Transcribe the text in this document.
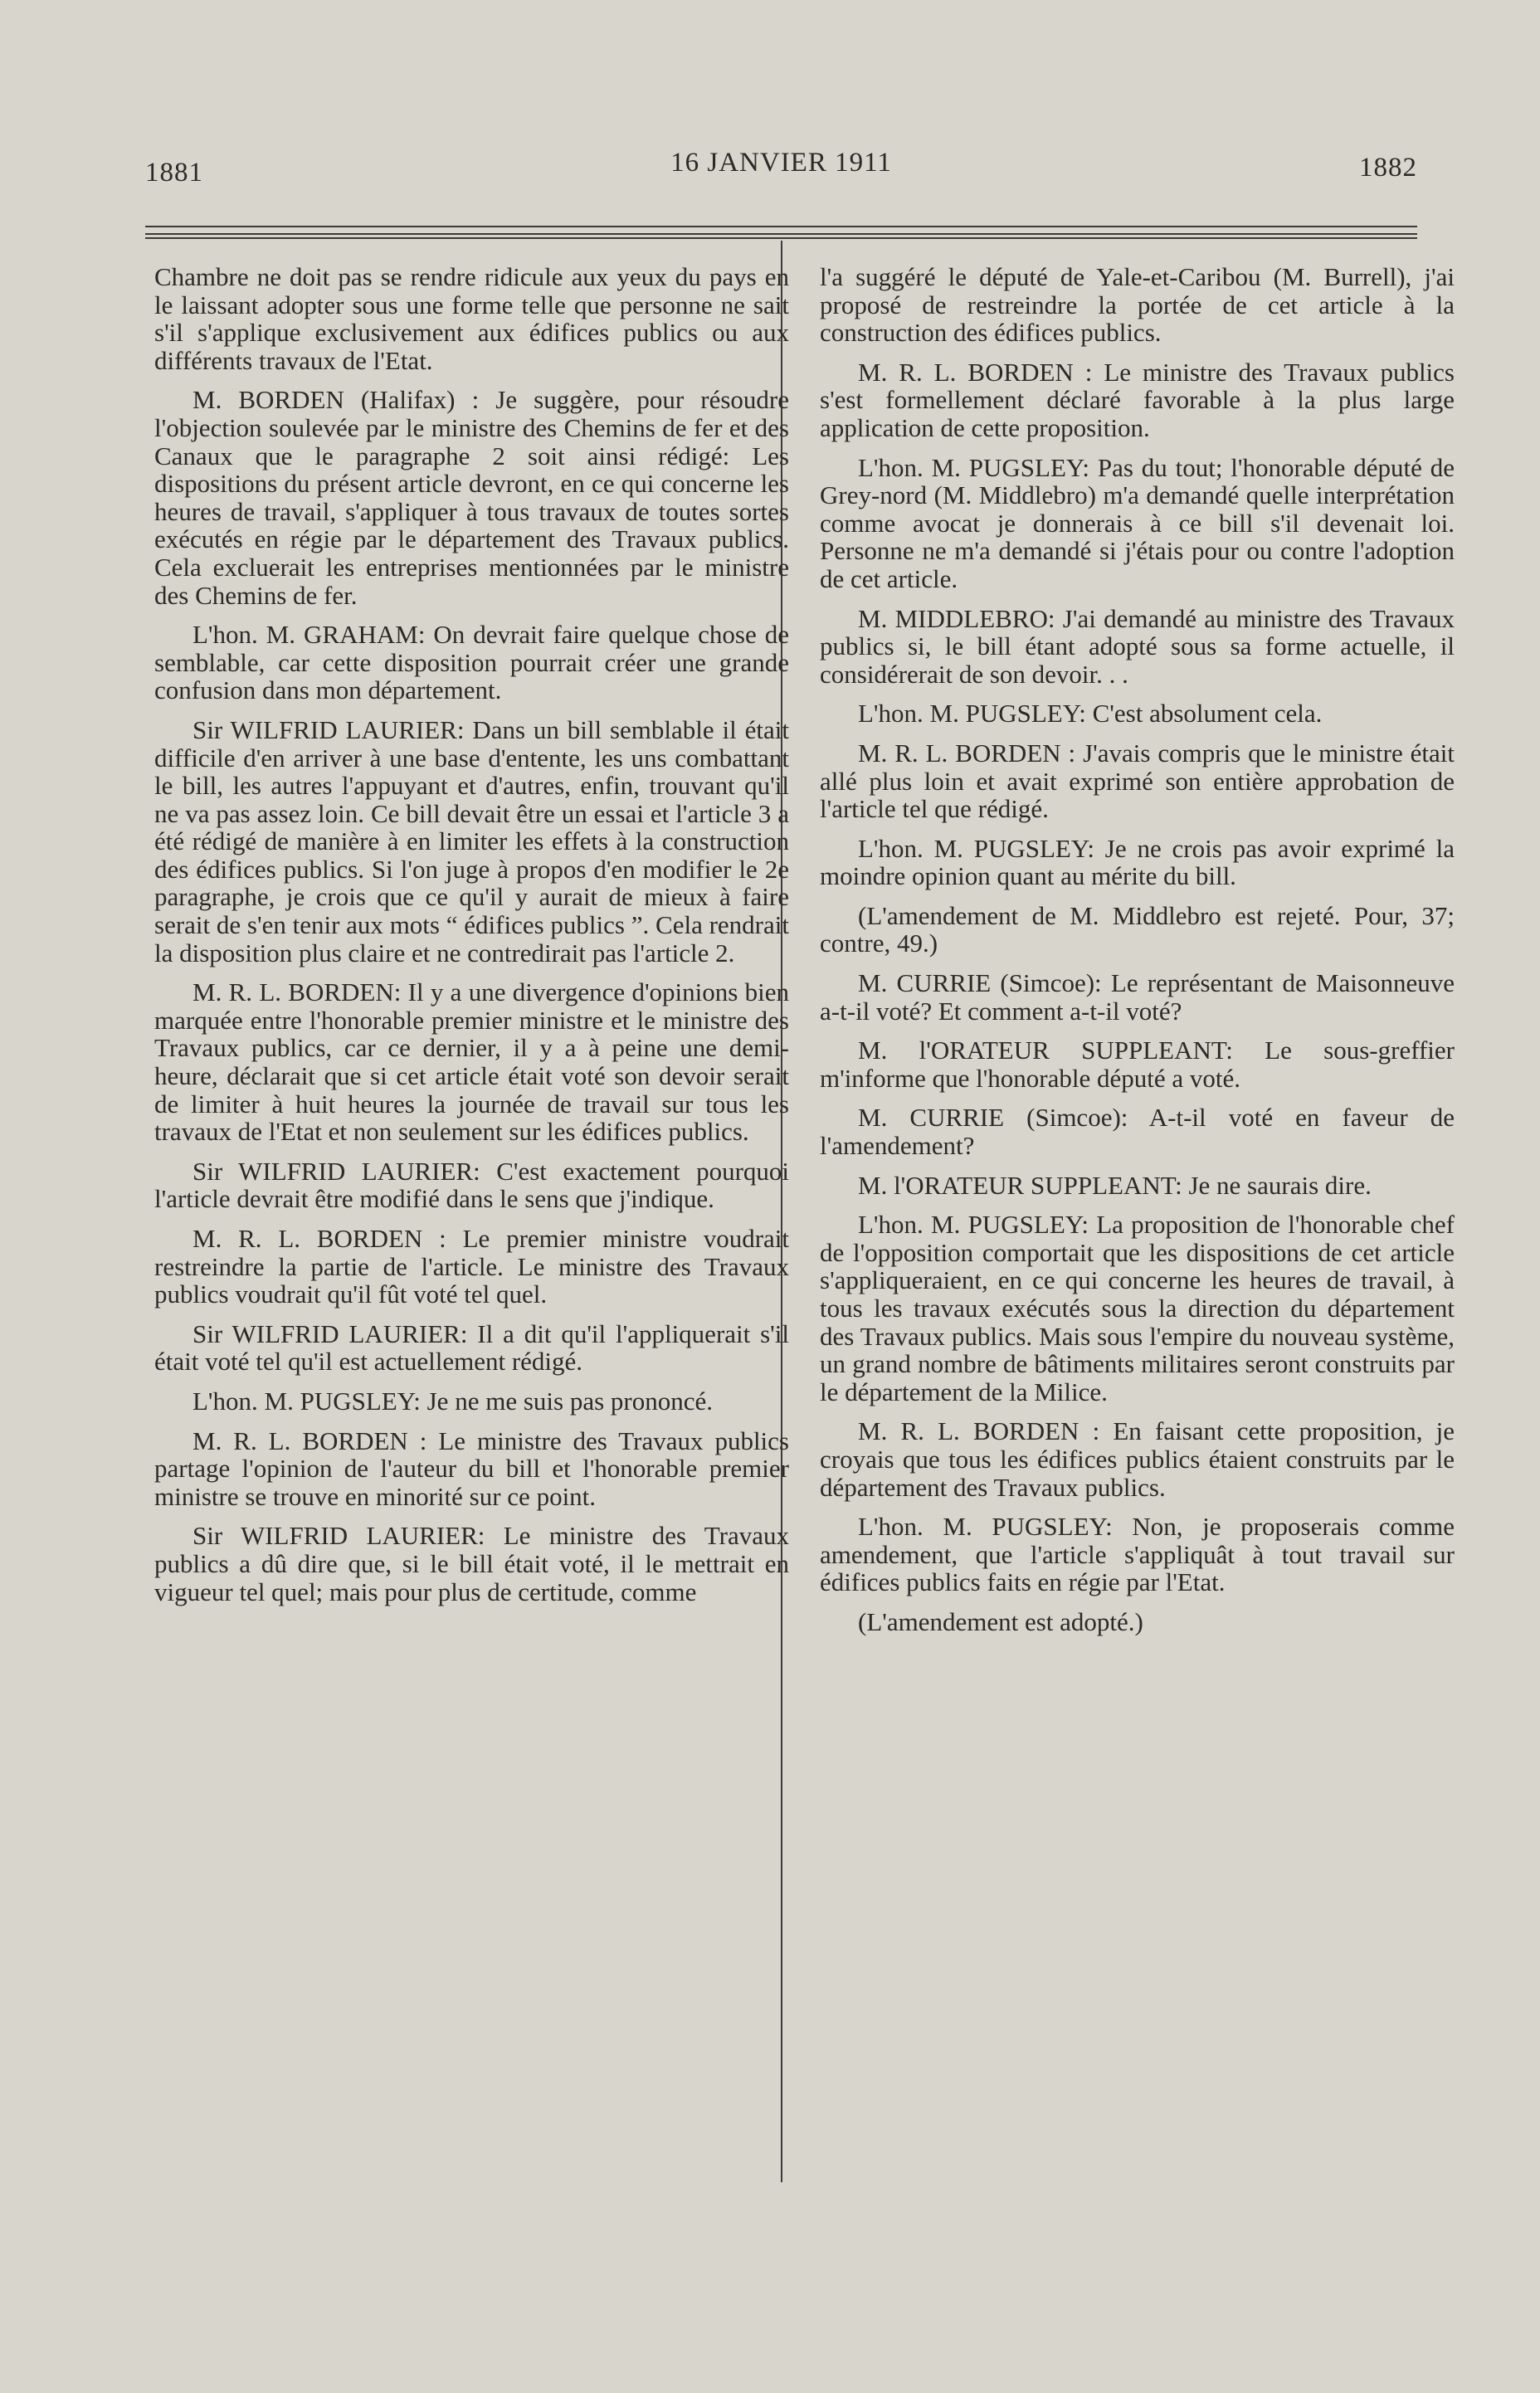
1881	16 JANVIER 1911	1882

Chambre ne doit pas se rendre ridicule aux yeux du pays en le laissant adopter sous une forme telle que personne ne sait s'il s'applique exclusivement aux édifices publics ou aux différents travaux de l'Etat.

M. BORDEN (Halifax) : Je suggère, pour résoudre l'objection soulevée par le ministre des Chemins de fer et des Canaux que le paragraphe 2 soit ainsi rédigé: Les dispositions du présent article devront, en ce qui concerne les heures de travail, s'appliquer à tous travaux de toutes sortes exécutés en régie par le département des Travaux publics. Cela excluerait les entreprises mentionnées par le ministre des Chemins de fer.

L'hon. M. GRAHAM: On devrait faire quelque chose de semblable, car cette disposition pourrait créer une grande confusion dans mon département.

Sir WILFRID LAURIER: Dans un bill semblable il était difficile d'en arriver à une base d'entente, les uns combattant le bill, les autres l'appuyant et d'autres, enfin, trouvant qu'il ne va pas assez loin. Ce bill devait être un essai et l'article 3 a été rédigé de manière à en limiter les effets à la construction des édifices publics. Si l'on juge à propos d'en modifier le 2e paragraphe, je crois que ce qu'il y aurait de mieux à faire serait de s'en tenir aux mots “ édifices publics ”. Cela rendrait la disposition plus claire et ne contredirait pas l'article 2.

M. R. L. BORDEN: Il y a une divergence d'opinions bien marquée entre l'honorable premier ministre et le ministre des Travaux publics, car ce dernier, il y a à peine une demi-heure, déclarait que si cet article était voté son devoir serait de limiter à huit heures la journée de travail sur tous les travaux de l'Etat et non seulement sur les édifices publics.

Sir WILFRID LAURIER: C'est exactement pourquoi l'article devrait être modifié dans le sens que j'indique.

M. R. L. BORDEN : Le premier ministre voudrait restreindre la partie de l'article. Le ministre des Travaux publics voudrait qu'il fût voté tel quel.

Sir WILFRID LAURIER: Il a dit qu'il l'appliquerait s'il était voté tel qu'il est actuellement rédigé.

L'hon. M. PUGSLEY: Je ne me suis pas prononcé.

M. R. L. BORDEN : Le ministre des Travaux publics partage l'opinion de l'auteur du bill et l'honorable premier ministre se trouve en minorité sur ce point.

Sir WILFRID LAURIER: Le ministre des Travaux publics a dû dire que, si le bill était voté, il le mettrait en vigueur tel quel; mais pour plus de certitude, comme

l'a suggéré le député de Yale-et-Caribou (M. Burrell), j'ai proposé de restreindre la portée de cet article à la construction des édifices publics.

M. R. L. BORDEN : Le ministre des Travaux publics s'est formellement déclaré favorable à la plus large application de cette proposition.

L'hon. M. PUGSLEY: Pas du tout; l'honorable député de Grey-nord (M. Middlebro) m'a demandé quelle interprétation comme avocat je donnerais à ce bill s'il devenait loi. Personne ne m'a demandé si j'étais pour ou contre l'adoption de cet article.

M. MIDDLEBRO: J'ai demandé au ministre des Travaux publics si, le bill étant adopté sous sa forme actuelle, il considérerait de son devoir. . .

L'hon. M. PUGSLEY: C'est absolument cela.

M. R. L. BORDEN : J'avais compris que le ministre était allé plus loin et avait exprimé son entière approbation de l'article tel que rédigé.

L'hon. M. PUGSLEY: Je ne crois pas avoir exprimé la moindre opinion quant au mérite du bill.

(L'amendement de M. Middlebro est rejeté. Pour, 37; contre, 49.)

M. CURRIE (Simcoe): Le représentant de Maisonneuve a-t-il voté? Et comment a-t-il voté?

M. l'ORATEUR SUPPLEANT: Le sous-greffier m'informe que l'honorable député a voté.

M. CURRIE (Simcoe): A-t-il voté en faveur de l'amendement?

M. l'ORATEUR SUPPLEANT: Je ne saurais dire.

L'hon. M. PUGSLEY: La proposition de l'honorable chef de l'opposition comportait que les dispositions de cet article s'appliqueraient, en ce qui concerne les heures de travail, à tous les travaux exécutés sous la direction du département des Travaux publics. Mais sous l'empire du nouveau système, un grand nombre de bâtiments militaires seront construits par le département de la Milice.

M. R. L. BORDEN : En faisant cette proposition, je croyais que tous les édifices publics étaient construits par le département des Travaux publics.

L'hon. M. PUGSLEY: Non, je proposerais comme amendement, que l'article s'appliquât à tout travail sur édifices publics faits en régie par l'Etat.

(L'amendement est adopté.)
